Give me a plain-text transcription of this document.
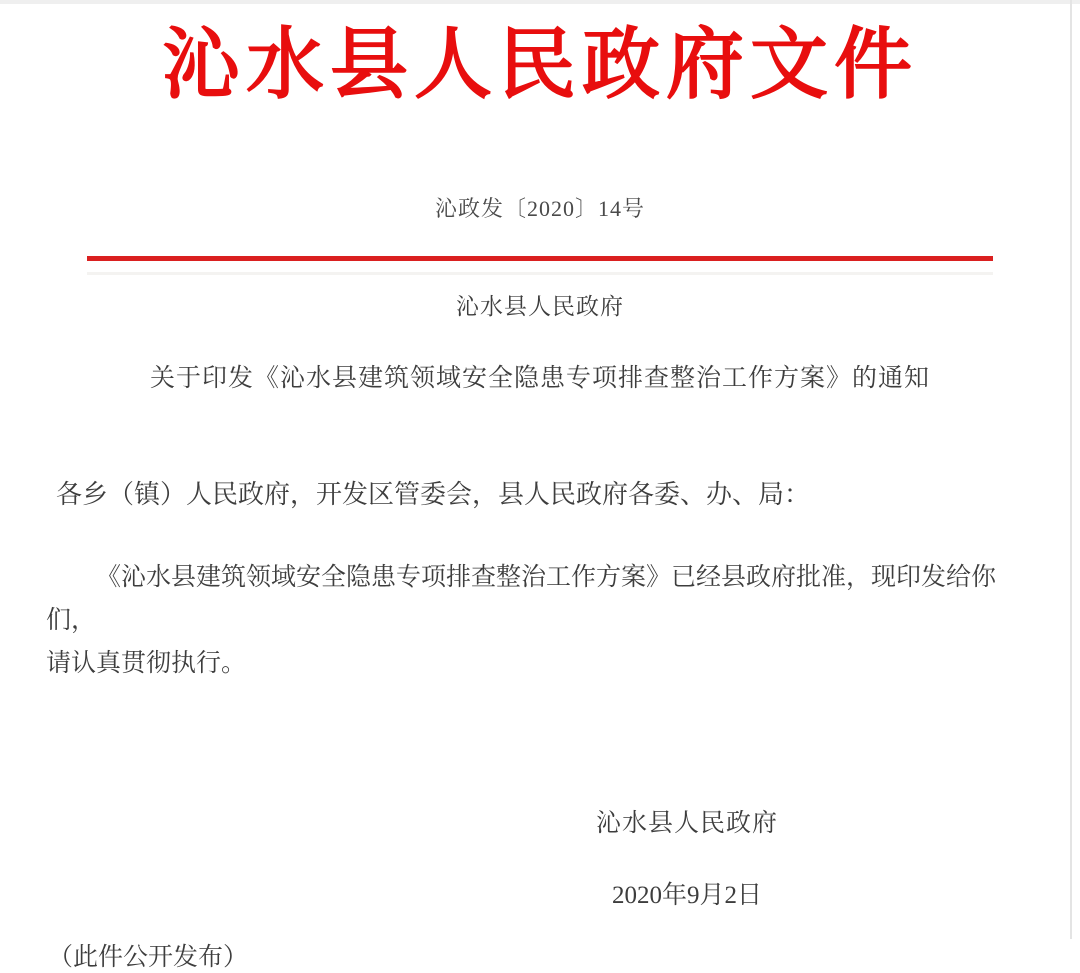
沁水县人民政府文件
沁政发〔2020〕14号
沁水县人民政府
关于印发《沁水县建筑领域安全隐患专项排查整治工作方案》的通知
各乡（镇）人民政府，开发区管委会，县人民政府各委、办、局：
《沁水县建筑领域安全隐患专项排查整治工作方案》已经县政府批准，现印发给你们，
请认真贯彻执行。
沁水县人民政府
2020年9月2日
（此件公开发布）
